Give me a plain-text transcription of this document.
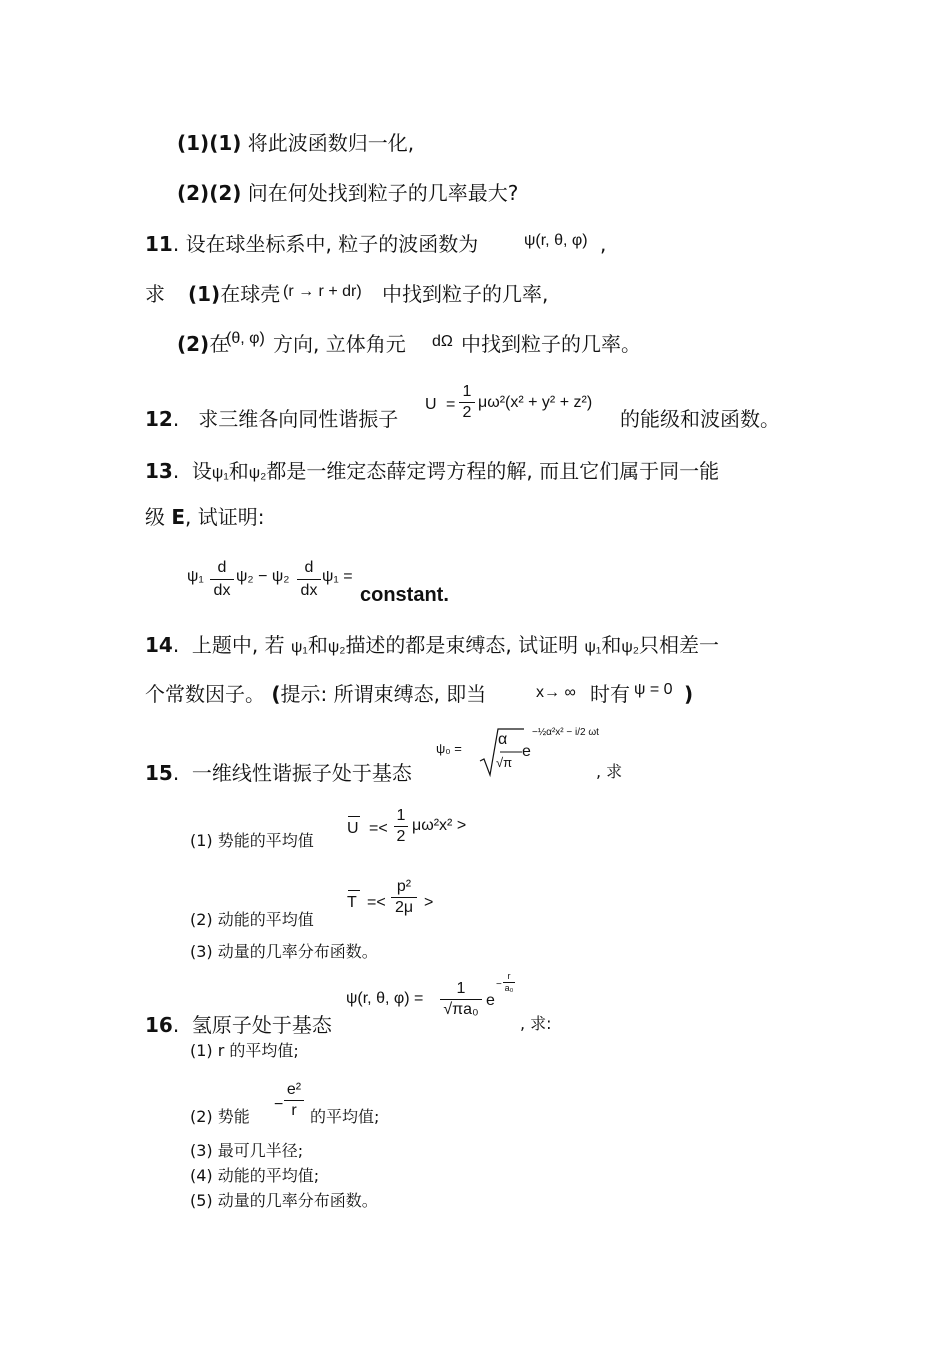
(1)(1) 将此波函数归一化,
(2)(2) 问在何处找到粒子的几率最大?
11. 设在球坐标系中, 粒子的波函数为	ψ(r, θ, φ) ,
求 (1)在球壳 (r → r + dr) 中找到粒子的几率,
(2)在
(θ, φ) 方向, 立体角元 dΩ 中找到粒子的几率。
12.   求三维各向同性谐振子
U =
1
2
μω²(x² + y² + z²)
的能级和波函数。
13.  设ψ₁和ψ₂都是一维定态薛定谔方程的解, 而且它们属于同一能
级 E, 试证明:
ψ₁
d
dx
ψ₂ − ψ₂
d
dx
ψ₁ =
constant.
14.  上题中, 若 ψ₁和ψ₂描述的都是束缚态, 试证明 ψ₁和ψ₂只相差一
个常数因子。 (提示: 所谓束缚态, 即当	x→ ∞ 时有 ψ = 0 )
15.  一维线性谐振子处于基态
ψ₀ =
α
√π
e
−½α²x² − i/2 ωt
, 求
(1) 势能的平均值
U =<
1
2
μω²x² >
T =<
p²
2μ >
(2) 动能的平均值
(3) 动量的几率分布函数。
16.  氢原子处于基态
ψ(r, θ, φ) =
1
√πa₀
e
−
r
a₀
, 求:
(1) r 的平均值;
(2) 势能
−
e²
r 的平均值;
(3) 最可几半径;
(4) 动能的平均值;
(5) 动量的几率分布函数。
